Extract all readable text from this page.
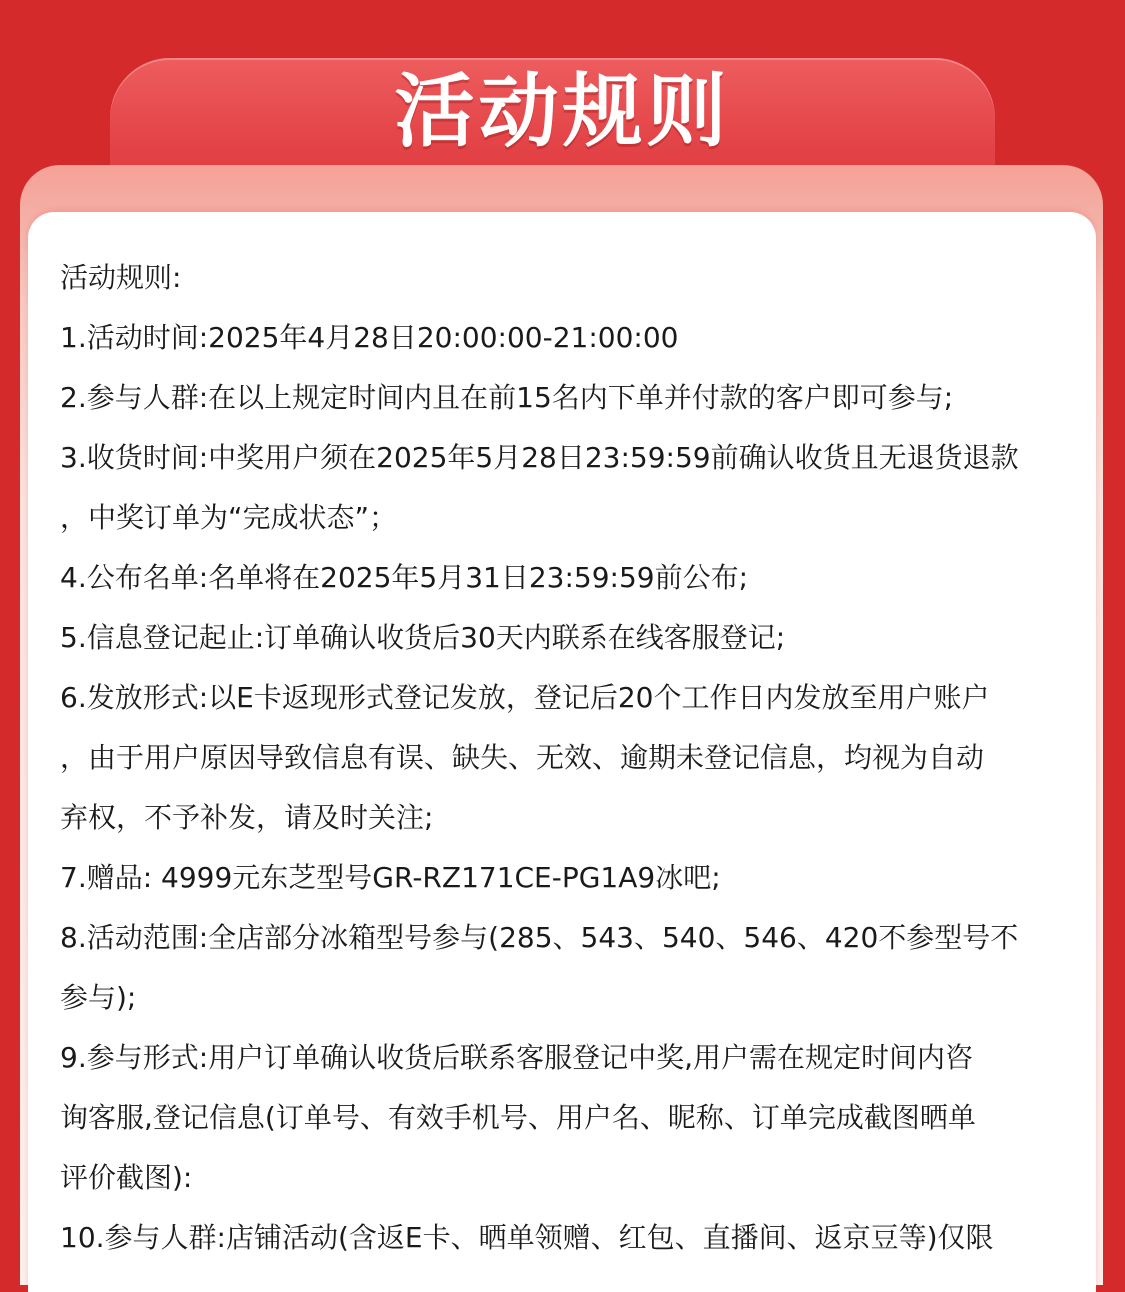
活动规则
活动规则:
1.活动时间:2025年4月28日20:00:00-21:00:00
2.参与人群:在以上规定时间内且在前15名内下单并付款的客户即可参与;
3.收货时间:中奖用户须在2025年5月28日23:59:59前确认收货且无退货退款
，中奖订单为“完成状态”；
4.公布名单:名单将在2025年5月31日23:59:59前公布;
5.信息登记起止:订单确认收货后30天内联系在线客服登记;
6.发放形式:以E卡返现形式登记发放，登记后20个工作日内发放至用户账户
，由于用户原因导致信息有误、缺失、无效、逾期未登记信息，均视为自动
弃权，不予补发，请及时关注;
7.赠品: 4999元东芝型号GR-RZ171CE-PG1A9冰吧;
8.活动范围:全店部分冰箱型号参与(285、543、540、546、420不参型号不
参与);
9.参与形式:用户订单确认收货后联系客服登记中奖,用户需在规定时间内咨
询客服,登记信息(订单号、有效手机号、用户名、昵称、订单完成截图晒单
评价截图):
10.参与人群:店铺活动(含返E卡、晒单领赠、红包、直播间、返京豆等)仅限
